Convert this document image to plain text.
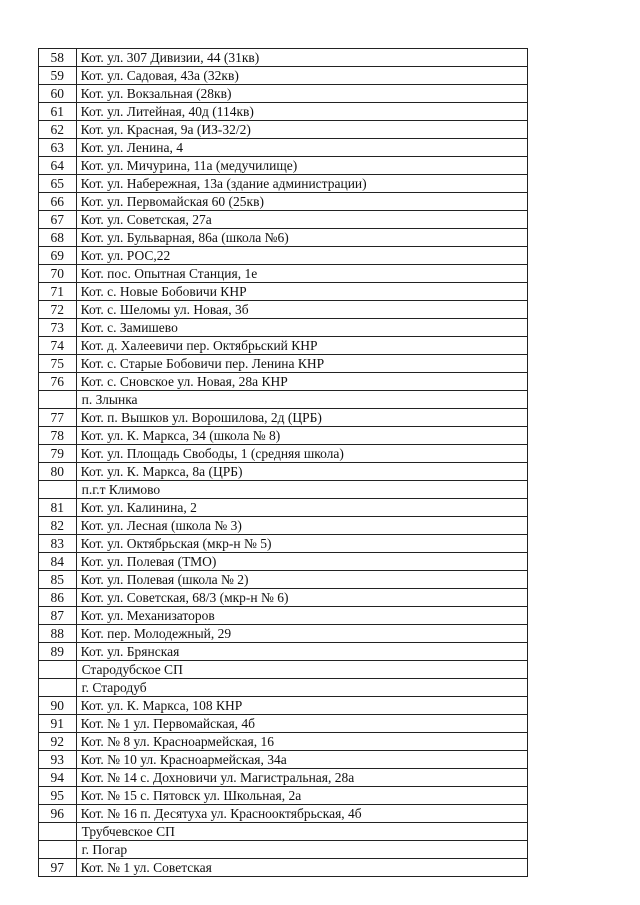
58	Кот. ул. 307 Дивизии, 44 (31кв)
59	Кот. ул. Садовая, 43а (32кв)
60	Кот. ул. Вокзальная (28кв)
61	Кот. ул. Литейная, 40д (114кв)
62	Кот. ул. Красная, 9а (ИЗ-32/2)
63	Кот. ул. Ленина, 4
64	Кот. ул. Мичурина, 11а (медучилище)
65	Кот. ул. Набережная, 13а (здание администрации)
66	Кот. ул. Первомайская 60 (25кв)
67	Кот. ул. Советская, 27а
68	Кот. ул. Бульварная, 86а (школа №6)
69	Кот. ул. РОС,22
70	Кот. пос. Опытная Станция, 1е
71	Кот. с. Новые Бобовичи КНР
72	Кот. с. Шеломы ул. Новая, 3б
73	Кот. с. Замишево
74	Кот. д. Халеевичи пер. Октябрьский КНР
75	Кот. с. Старые Бобовичи пер. Ленина КНР
76	Кот. с. Сновское ул. Новая, 28а КНР
	п. Злынка
77	Кот. п. Вышков ул. Ворошилова, 2д (ЦРБ)
78	Кот. ул. К. Маркса, 34 (школа № 8)
79	Кот. ул. Площадь Свободы, 1 (средняя школа)
80	Кот. ул. К. Маркса, 8а (ЦРБ)
	п.г.т Климово
81	Кот. ул. Калинина, 2
82	Кот. ул. Лесная (школа № 3)
83	Кот. ул. Октябрьская (мкр-н № 5)
84	Кот. ул. Полевая (ТМО)
85	Кот. ул. Полевая (школа № 2)
86	Кот. ул. Советская, 68/3 (мкр-н № 6)
87	Кот. ул. Механизаторов
88	Кот. пер. Молодежный, 29
89	Кот. ул. Брянская
	Стародубское СП
	г. Стародуб
90	Кот. ул. К. Маркса, 108 КНР
91	Кот. № 1 ул. Первомайская, 4б
92	Кот. № 8 ул. Красноармейская, 16
93	Кот. № 10 ул. Красноармейская, 34а
94	Кот. № 14 с. Дохновичи ул. Магистральная, 28а
95	Кот. № 15 с. Пятовск ул. Школьная, 2а
96	Кот. № 16 п. Десятуха ул. Краснооктябрьская, 4б
	Трубчевское СП
	г. Погар
97	Кот. № 1 ул. Советская
